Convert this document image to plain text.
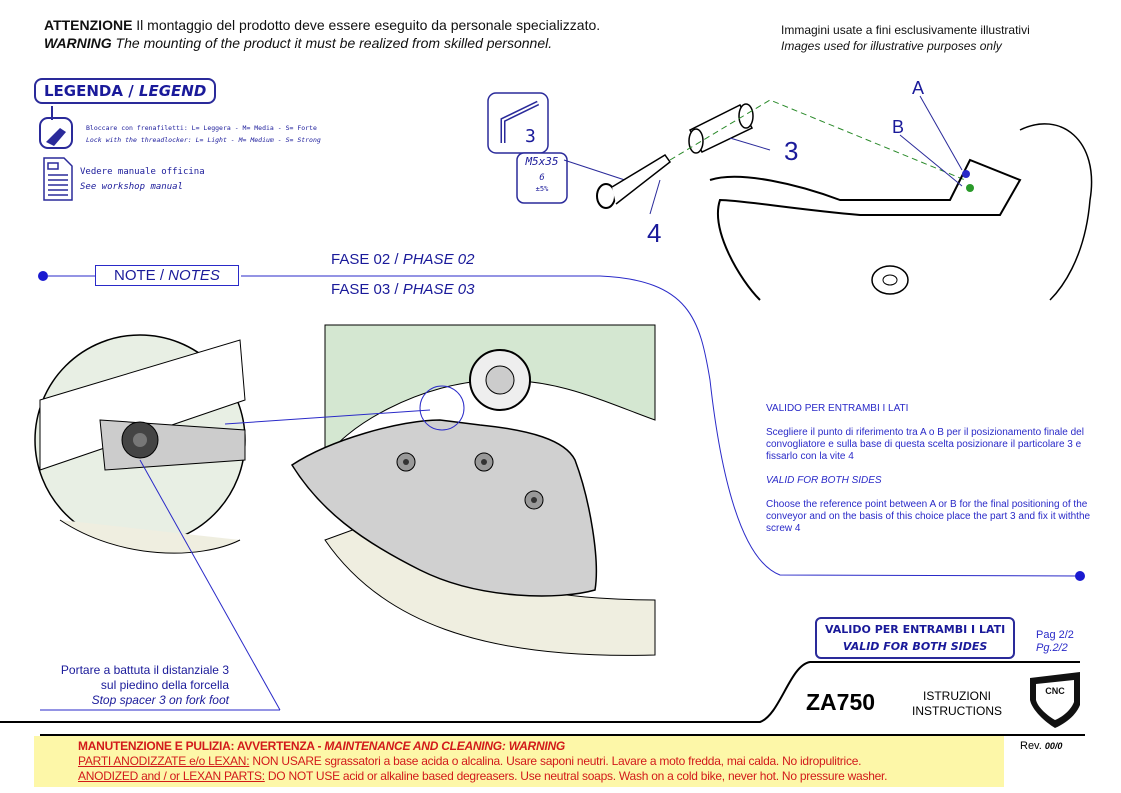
ATTENZIONE Il montaggio del prodotto deve essere eseguito da personale specializzato.
WARNING The mounting of the product it must be realized from skilled personnel.
Immagini usate a fini esclusivamente illustrativi
Images used for illustrative purposes only
CNC
LEGENDA / LEGEND
Bloccare con frenafiletti: L= Leggera - M= Media - S= Forte
Lock with the threadlocker: L= Light - M= Medium - S= Strong
Vedere manuale officina
See workshop manual
3
M5x35
6
±5%
3
4
A
B
NOTE / NOTES
FASE 02 / PHASE 02
FASE 03 / PHASE 03
VALIDO PER ENTRAMBI I LATI
Scegliere il punto di riferimento tra A o B per il posizionamento finale del convogliatore e sulla base di questa scelta posizionare il particolare 3 e fissarlo con la vite 4
VALID FOR BOTH SIDES
Choose the reference point between A or B for the final positioning of the conveyor and on the basis of this choice place the part 3 and fix it withthe screw 4
Portare a battuta il distanziale 3
sul piedino della forcella
Stop spacer 3 on fork foot
VALIDO PER ENTRAMBI I LATI
VALID FOR BOTH SIDES
Pag 2/2
Pg.2/2
ZA750	ISTRUZIONI
INSTRUCTIONS
MANUTENZIONE E PULIZIA: AVVERTENZA - MAINTENANCE AND CLEANING: WARNING
PARTI ANODIZZATE e/o LEXAN: NON USARE sgrassatori a base acida o alcalina. Usare saponi neutri. Lavare a moto fredda, mai calda. No idropulitrice.
ANODIZED and / or LEXAN PARTS: DO NOT USE acid or alkaline based degreasers. Use neutral soaps. Wash on a cold bike, never hot. No pressure washer.
Rev. 00/0
